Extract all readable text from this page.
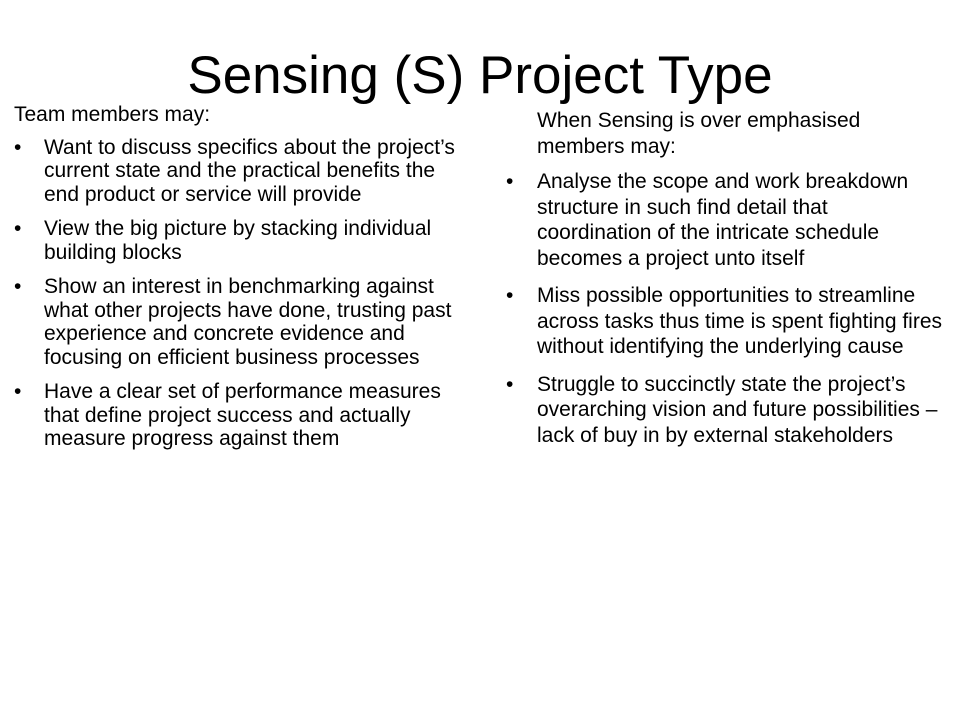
Sensing (S) Project Type

Team members may:

• Want to discuss specifics about the project’s current state and the practical benefits the end product or service will provide
• View the big picture by stacking individual building blocks
• Show an interest in benchmarking against what other projects have done, trusting past experience and concrete evidence and focusing on efficient business processes
• Have a clear set of performance measures that define project success and actually measure progress against them

When Sensing is over emphasised members may:

• Analyse the scope and work breakdown structure in such find detail that coordination of the intricate schedule becomes a project unto itself
• Miss possible opportunities to streamline across tasks thus time is spent fighting fires without identifying the underlying cause
• Struggle to succinctly state the project’s overarching vision and future possibilities – lack of buy in by external stakeholders
